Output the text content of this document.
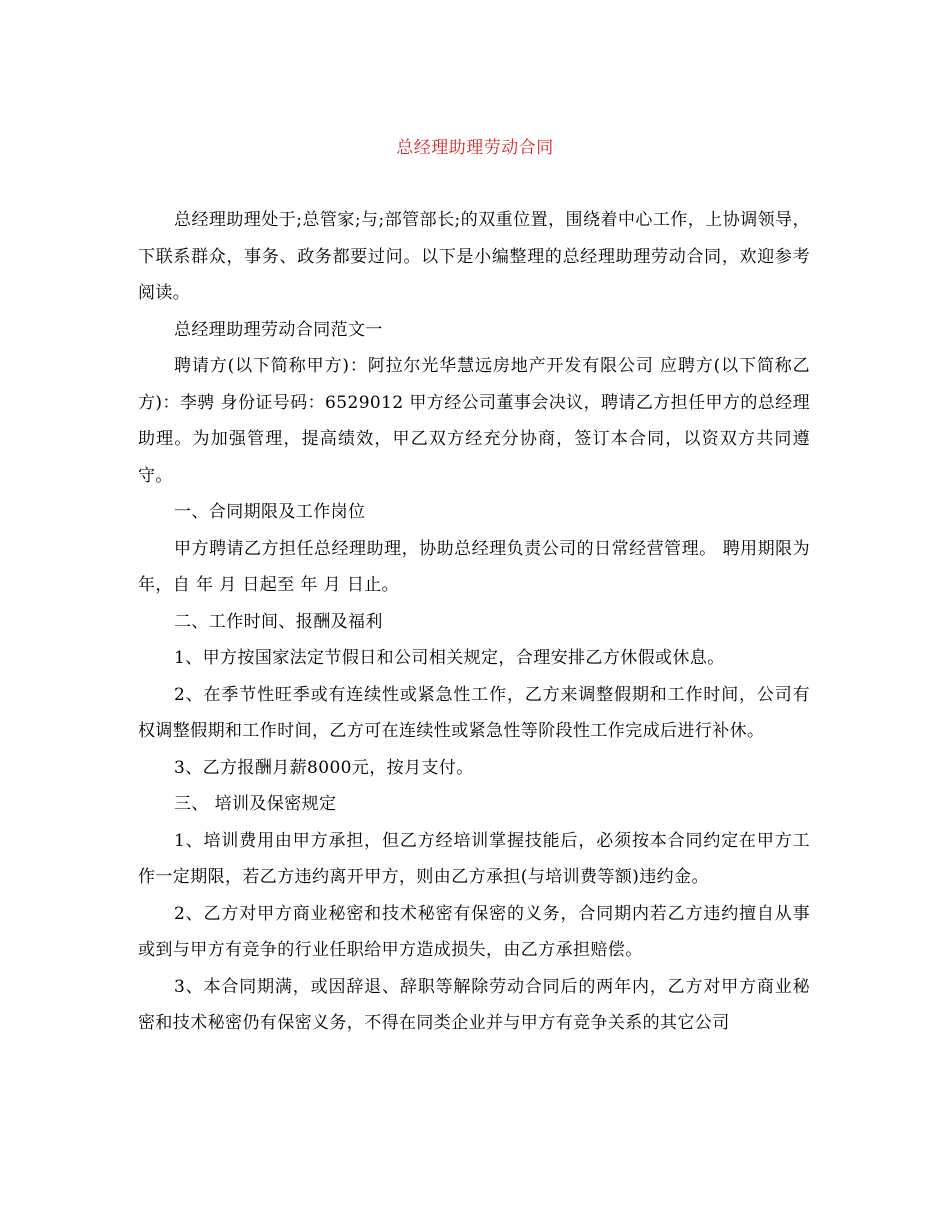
总经理助理劳动合同

总经理助理处于;总管家;与;部管部长;的双重位置，围绕着中心工作，上协调领导，下联系群众，事务、政务都要过问。以下是小编整理的总经理助理劳动合同，欢迎参考阅读。

总经理助理劳动合同范文一

聘请方(以下简称甲方)：阿拉尔光华慧远房地产开发有限公司 应聘方(以下简称乙方)：李骋 身份证号码：6529012 甲方经公司董事会决议，聘请乙方担任甲方的总经理助理。为加强管理，提高绩效，甲乙双方经充分协商，签订本合同，以资双方共同遵守。

一、合同期限及工作岗位

甲方聘请乙方担任总经理助理，协助总经理负责公司的日常经营管理。 聘用期限为 年，自 年 月 日起至 年 月 日止。

二、工作时间、报酬及福利

1、甲方按国家法定节假日和公司相关规定，合理安排乙方休假或休息。

2、在季节性旺季或有连续性或紧急性工作，乙方来调整假期和工作时间，公司有权调整假期和工作时间，乙方可在连续性或紧急性等阶段性工作完成后进行补休。

3、乙方报酬月薪8000元，按月支付。

三、 培训及保密规定

1、培训费用由甲方承担，但乙方经培训掌握技能后，必须按本合同约定在甲方工作一定期限，若乙方违约离开甲方，则由乙方承担(与培训费等额)违约金。

2、乙方对甲方商业秘密和技术秘密有保密的义务，合同期内若乙方违约擅自从事或到与甲方有竞争的行业任职给甲方造成损失，由乙方承担赔偿。

3、本合同期满，或因辞退、辞职等解除劳动合同后的两年内，乙方对甲方商业秘密和技术秘密仍有保密义务，不得在同类企业并与甲方有竞争关系的其它公司
